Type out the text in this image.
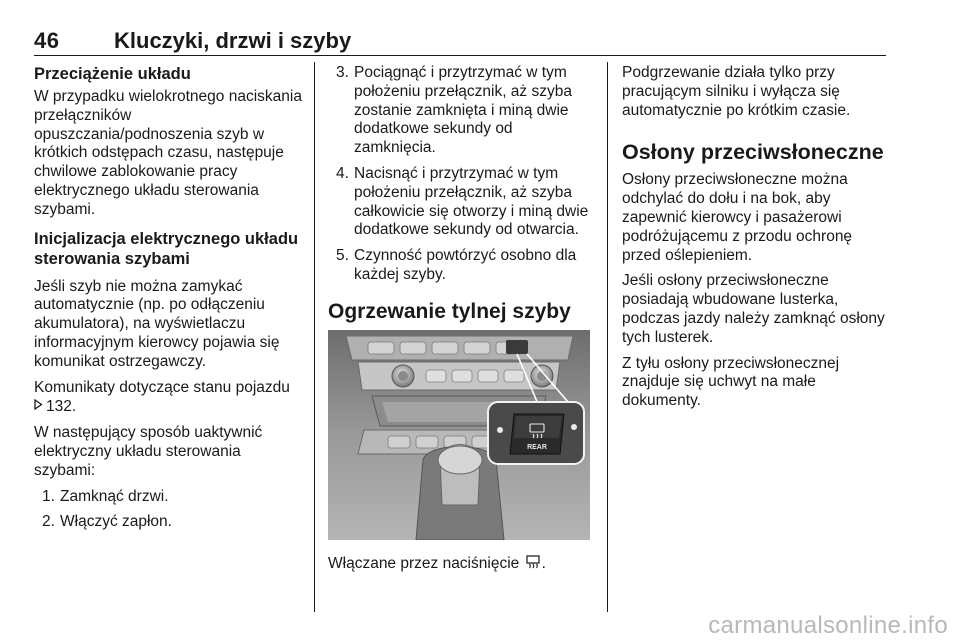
46 Kluczyki, drzwi i szyby
Przeciążenie układu

W przypadku wielokrotnego naciskania przełączników opuszczania/podnoszenia szyb w krótkich odstępach czasu, następuje chwilowe zablokowanie pracy elektrycznego układu sterowania szybami.

Inicjalizacja elektrycznego układu sterowania szybami

Jeśli szyb nie można zamykać automatycznie (np. po odłączeniu akumulatora), na wyświetlaczu informacyjnym kierowcy pojawia się komunikat ostrzegawczy.

Komunikaty dotyczące stanu pojazdu
132.

W następujący sposób uaktywnić elektryczny układu sterowania szybami:

1. Zamknąć drzwi.
2. Włączyć zapłon.
3. Pociągnąć i przytrzymać w tym położeniu przełącznik, aż szyba zostanie zamknięta i miną dwie dodatkowe sekundy od zamknięcia.
4. Nacisnąć i przytrzymać w tym położeniu przełącznik, aż szyba całkowicie się otworzy i miną dwie dodatkowe sekundy od otwarcia.
5. Czynność powtórzyć osobno dla każdej szyby.
Ogrzewanie tylnej szyby
REAR

Włączane przez naciśnięcie .

Podgrzewanie działa tylko przy pracującym silniku i wyłącza się automatycznie po krótkim czasie.

Osłony przeciwsłoneczne

Osłony przeciwsłoneczne można odchylać do dołu i na bok, aby zapewnić kierowcy i pasażerowi podróżującemu z przodu ochronę przed oślepieniem.

Jeśli osłony przeciwsłoneczne posiadają wbudowane lusterka, podczas jazdy należy zamknąć osłony tych lusterek.

Z tyłu osłony przeciwsłonecznej znajduje się uchwyt na małe dokumenty.

carmanualsonline.info
